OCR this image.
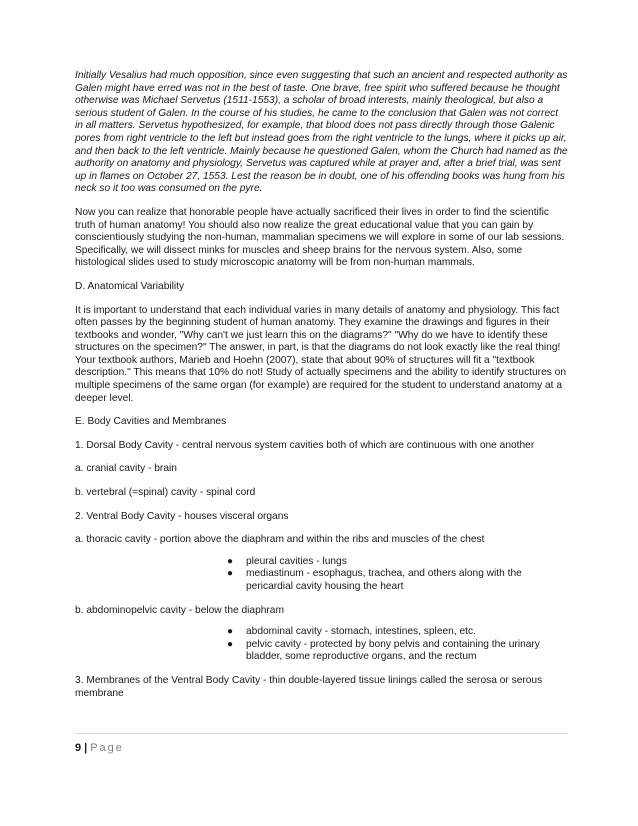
Initially Vesalius had much opposition, since even suggesting that such an ancient and respected authority as Galen might have erred was not in the best of taste. One brave, free spirit who suffered because he thought otherwise was Michael Servetus (1511-1553), a scholar of broad interests, mainly theological, but also a serious student of Galen. In the course of his studies, he came to the conclusion that Galen was not correct in all matters. Servetus hypothesized, for example, that blood does not pass directly through those Galenic pores from right ventricle to the left but instead goes from the right ventricle to the lungs, where it picks up air, and then back to the left ventricle. Mainly because he questioned Galen, whom the Church had named as the authority on anatomy and physiology, Servetus was captured while at prayer and, after a brief trial, was sent up in flames on October 27, 1553. Lest the reason be in doubt, one of his offending books was hung from his neck so it too was consumed on the pyre.

Now you can realize that honorable people have actually sacrificed their lives in order to find the scientific truth of human anatomy! You should also now realize the great educational value that you can gain by conscientiously studying the non-human, mammalian specimens we will explore in some of our lab sessions. Specifically, we will dissect minks for muscles and sheep brains for the nervous system. Also, some histological slides used to study microscopic anatomy will be from non-human mammals.

D. Anatomical Variability

It is important to understand that each individual varies in many details of anatomy and physiology. This fact often passes by the beginning student of human anatomy. They examine the drawings and figures in their textbooks and wonder, "Why can't we just learn this on the diagrams?" "Why do we have to identify these structures on the specimen?" The answer, in part, is that the diagrams do not look exactly like the real thing! Your textbook authors, Marieb and Hoehn (2007), state that about 90% of structures will fit a "textbook description." This means that 10% do not! Study of actually specimens and the ability to identify structures on multiple specimens of the same organ (for example) are required for the student to understand anatomy at a deeper level.

E. Body Cavities and Membranes

1. Dorsal Body Cavity - central nervous system cavities both of which are continuous with one another

a. cranial cavity - brain

b. vertebral (=spinal) cavity - spinal cord

2. Ventral Body Cavity - houses visceral organs

a. thoracic cavity - portion above the diaphram and within the ribs and muscles of the chest

● pleural cavities - lungs
● mediastinum - esophagus, trachea, and others along with the pericardial cavity housing the heart

b. abdominopelvic cavity - below the diaphram

● abdominal cavity - stomach, intestines, spleen, etc.
● pelvic cavity - protected by bony pelvis and containing the urinary bladder, some reproductive organs, and the rectum

3. Membranes of the Ventral Body Cavity - thin double-layered tissue linings called the serosa or serous membrane

9 | Page
